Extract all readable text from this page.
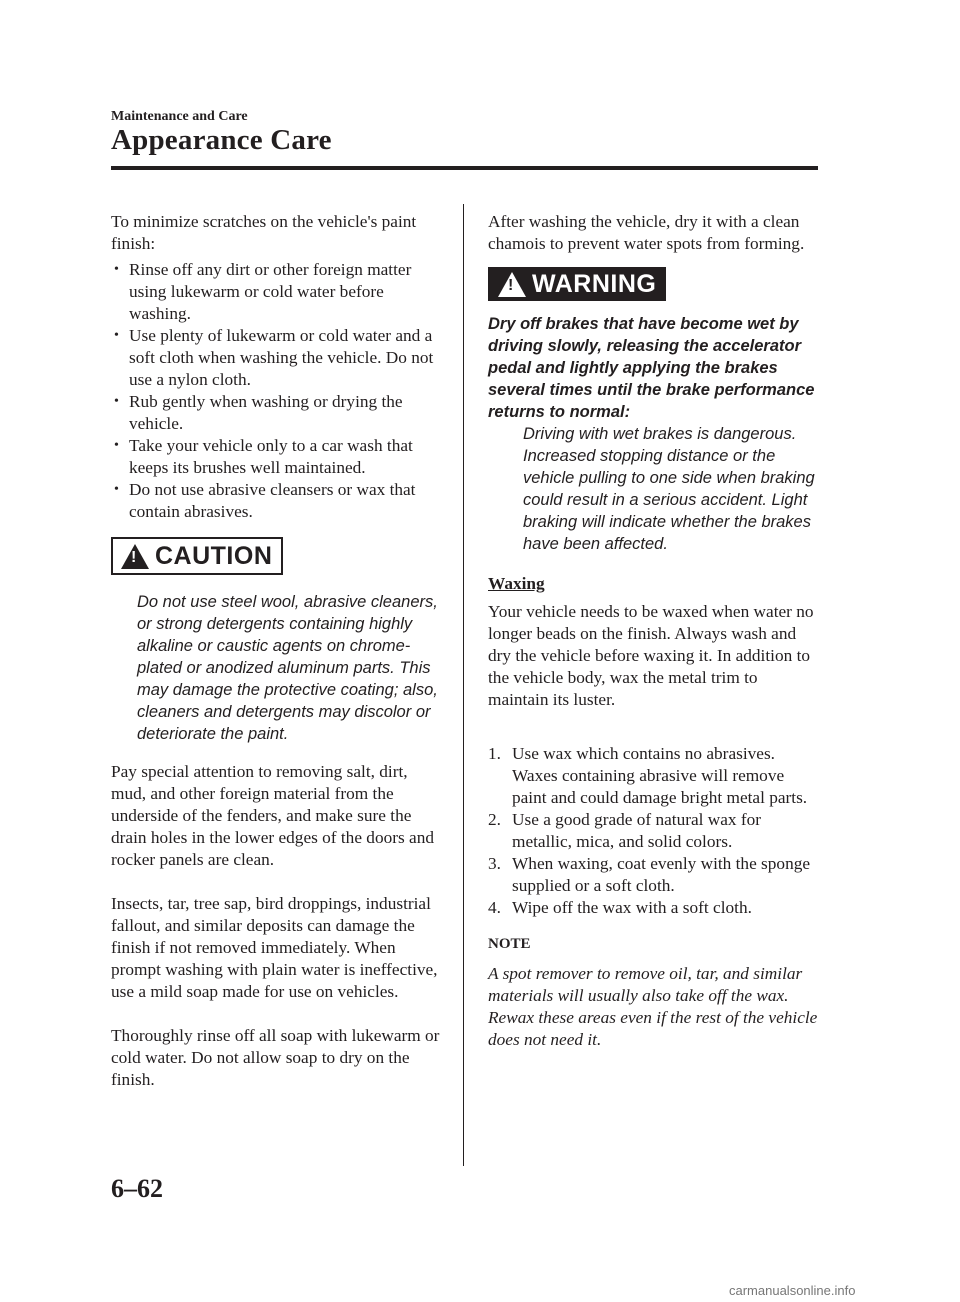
Maintenance and Care
Appearance Care

To minimize scratches on the vehicle's paint finish:

• Rinse off any dirt or other foreign matter using lukewarm or cold water before washing.
• Use plenty of lukewarm or cold water and a soft cloth when washing the vehicle. Do not use a nylon cloth.
• Rub gently when washing or drying the vehicle.
• Take your vehicle only to a car wash that keeps its brushes well maintained.
• Do not use abrasive cleansers or wax that contain abrasives.
! CAUTION

Do not use steel wool, abrasive cleaners, or strong detergents containing highly alkaline or caustic agents on chrome-plated or anodized aluminum parts. This may damage the protective coating; also, cleaners and detergents may discolor or deteriorate the paint.

Pay special attention to removing salt, dirt, mud, and other foreign material from the underside of the fenders, and make sure the drain holes in the lower edges of the doors and rocker panels are clean.

Insects, tar, tree sap, bird droppings, industrial fallout, and similar deposits can damage the finish if not removed immediately. When prompt washing with plain water is ineffective, use a mild soap made for use on vehicles.

Thoroughly rinse off all soap with lukewarm or cold water. Do not allow soap to dry on the finish.

After washing the vehicle, dry it with a clean chamois to prevent water spots from forming.

! WARNING

Dry off brakes that have become wet by driving slowly, releasing the accelerator pedal and lightly applying the brakes several times until the brake performance returns to normal:

Driving with wet brakes is dangerous. Increased stopping distance or the vehicle pulling to one side when braking could result in a serious accident. Light braking will indicate whether the brakes have been affected.

Waxing

Your vehicle needs to be waxed when water no longer beads on the finish. Always wash and dry the vehicle before waxing it. In addition to the vehicle body, wax the metal trim to maintain its luster.

1. Use wax which contains no abrasives. Waxes containing abrasive will remove paint and could damage bright metal parts.
2. Use a good grade of natural wax for metallic, mica, and solid colors.
3. When waxing, coat evenly with the sponge supplied or a soft cloth.
4. Wipe off the wax with a soft cloth.

NOTE

A spot remover to remove oil, tar, and similar materials will usually also take off the wax. Rewax these areas even if the rest of the vehicle does not need it.

6–62
carmanualsonline.info
